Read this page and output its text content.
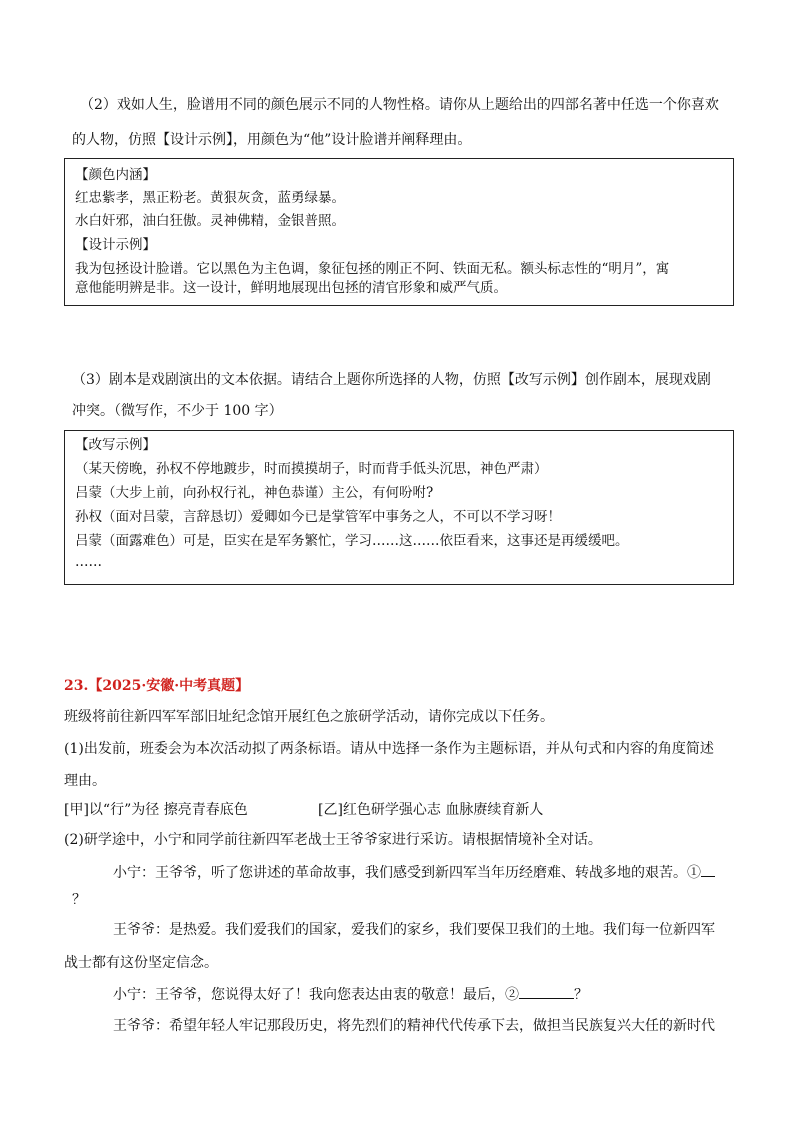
（2）戏如人生，脸谱用不同的颜色展示不同的人物性格。请你从上题给出的四部名著中任选一个你喜欢
的人物，仿照【设计示例】，用颜色为“他”设计脸谱并阐释理由。
【颜色内涵】
红忠紫孝，黑正粉老。黄狠灰贪，蓝勇绿暴。
水白奸邪，油白狂傲。灵神佛精，金银普照。
【设计示例】
我为包拯设计脸谱。它以黑色为主色调，象征包拯的刚正不阿、铁面无私。额头标志性的“明月”，寓
意他能明辨是非。这一设计，鲜明地展现出包拯的清官形象和威严气质。
（3）剧本是戏剧演出的文本依据。请结合上题你所选择的人物，仿照【改写示例】创作剧本，展现戏剧
冲突。（微写作，不少于 100 字）
【改写示例】
（某天傍晚，孙权不停地踱步，时而摸摸胡子，时而背手低头沉思，神色严肃）
吕蒙（大步上前，向孙权行礼，神色恭谨）主公，有何吩咐?
孙权（面对吕蒙，言辞恳切）爱卿如今已是掌管军中事务之人，不可以不学习呀！
吕蒙（面露难色）可是，臣实在是军务繁忙，学习……这……依臣看来，这事还是再缓缓吧。
……
23.【2025·安徽·中考真题】
班级将前往新四军军部旧址纪念馆开展红色之旅研学活动，请你完成以下任务。
(1)出发前，班委会为本次活动拟了两条标语。请从中选择一条作为主题标语，并从句式和内容的角度简述
理由。
[甲]以“行”为径 擦亮青春底色	[乙]红色研学强心志 血脉赓续育新人
(2)研学途中，小宁和同学前往新四军老战士王爷爷家进行采访。请根据情境补全对话。
小宁：王爷爷，听了您讲述的革命故事，我们感受到新四军当年历经磨难、转战多地的艰苦。①
？
王爷爷：是热爱。我们爱我们的国家，爱我们的家乡，我们要保卫我们的土地。我们每一位新四军
战士都有这份坚定信念。
小宁：王爷爷，您说得太好了！我向您表达由衷的敬意！最后，②	？
王爷爷：希望年轻人牢记那段历史，将先烈们的精神代代传承下去，做担当民族复兴大任的新时代
